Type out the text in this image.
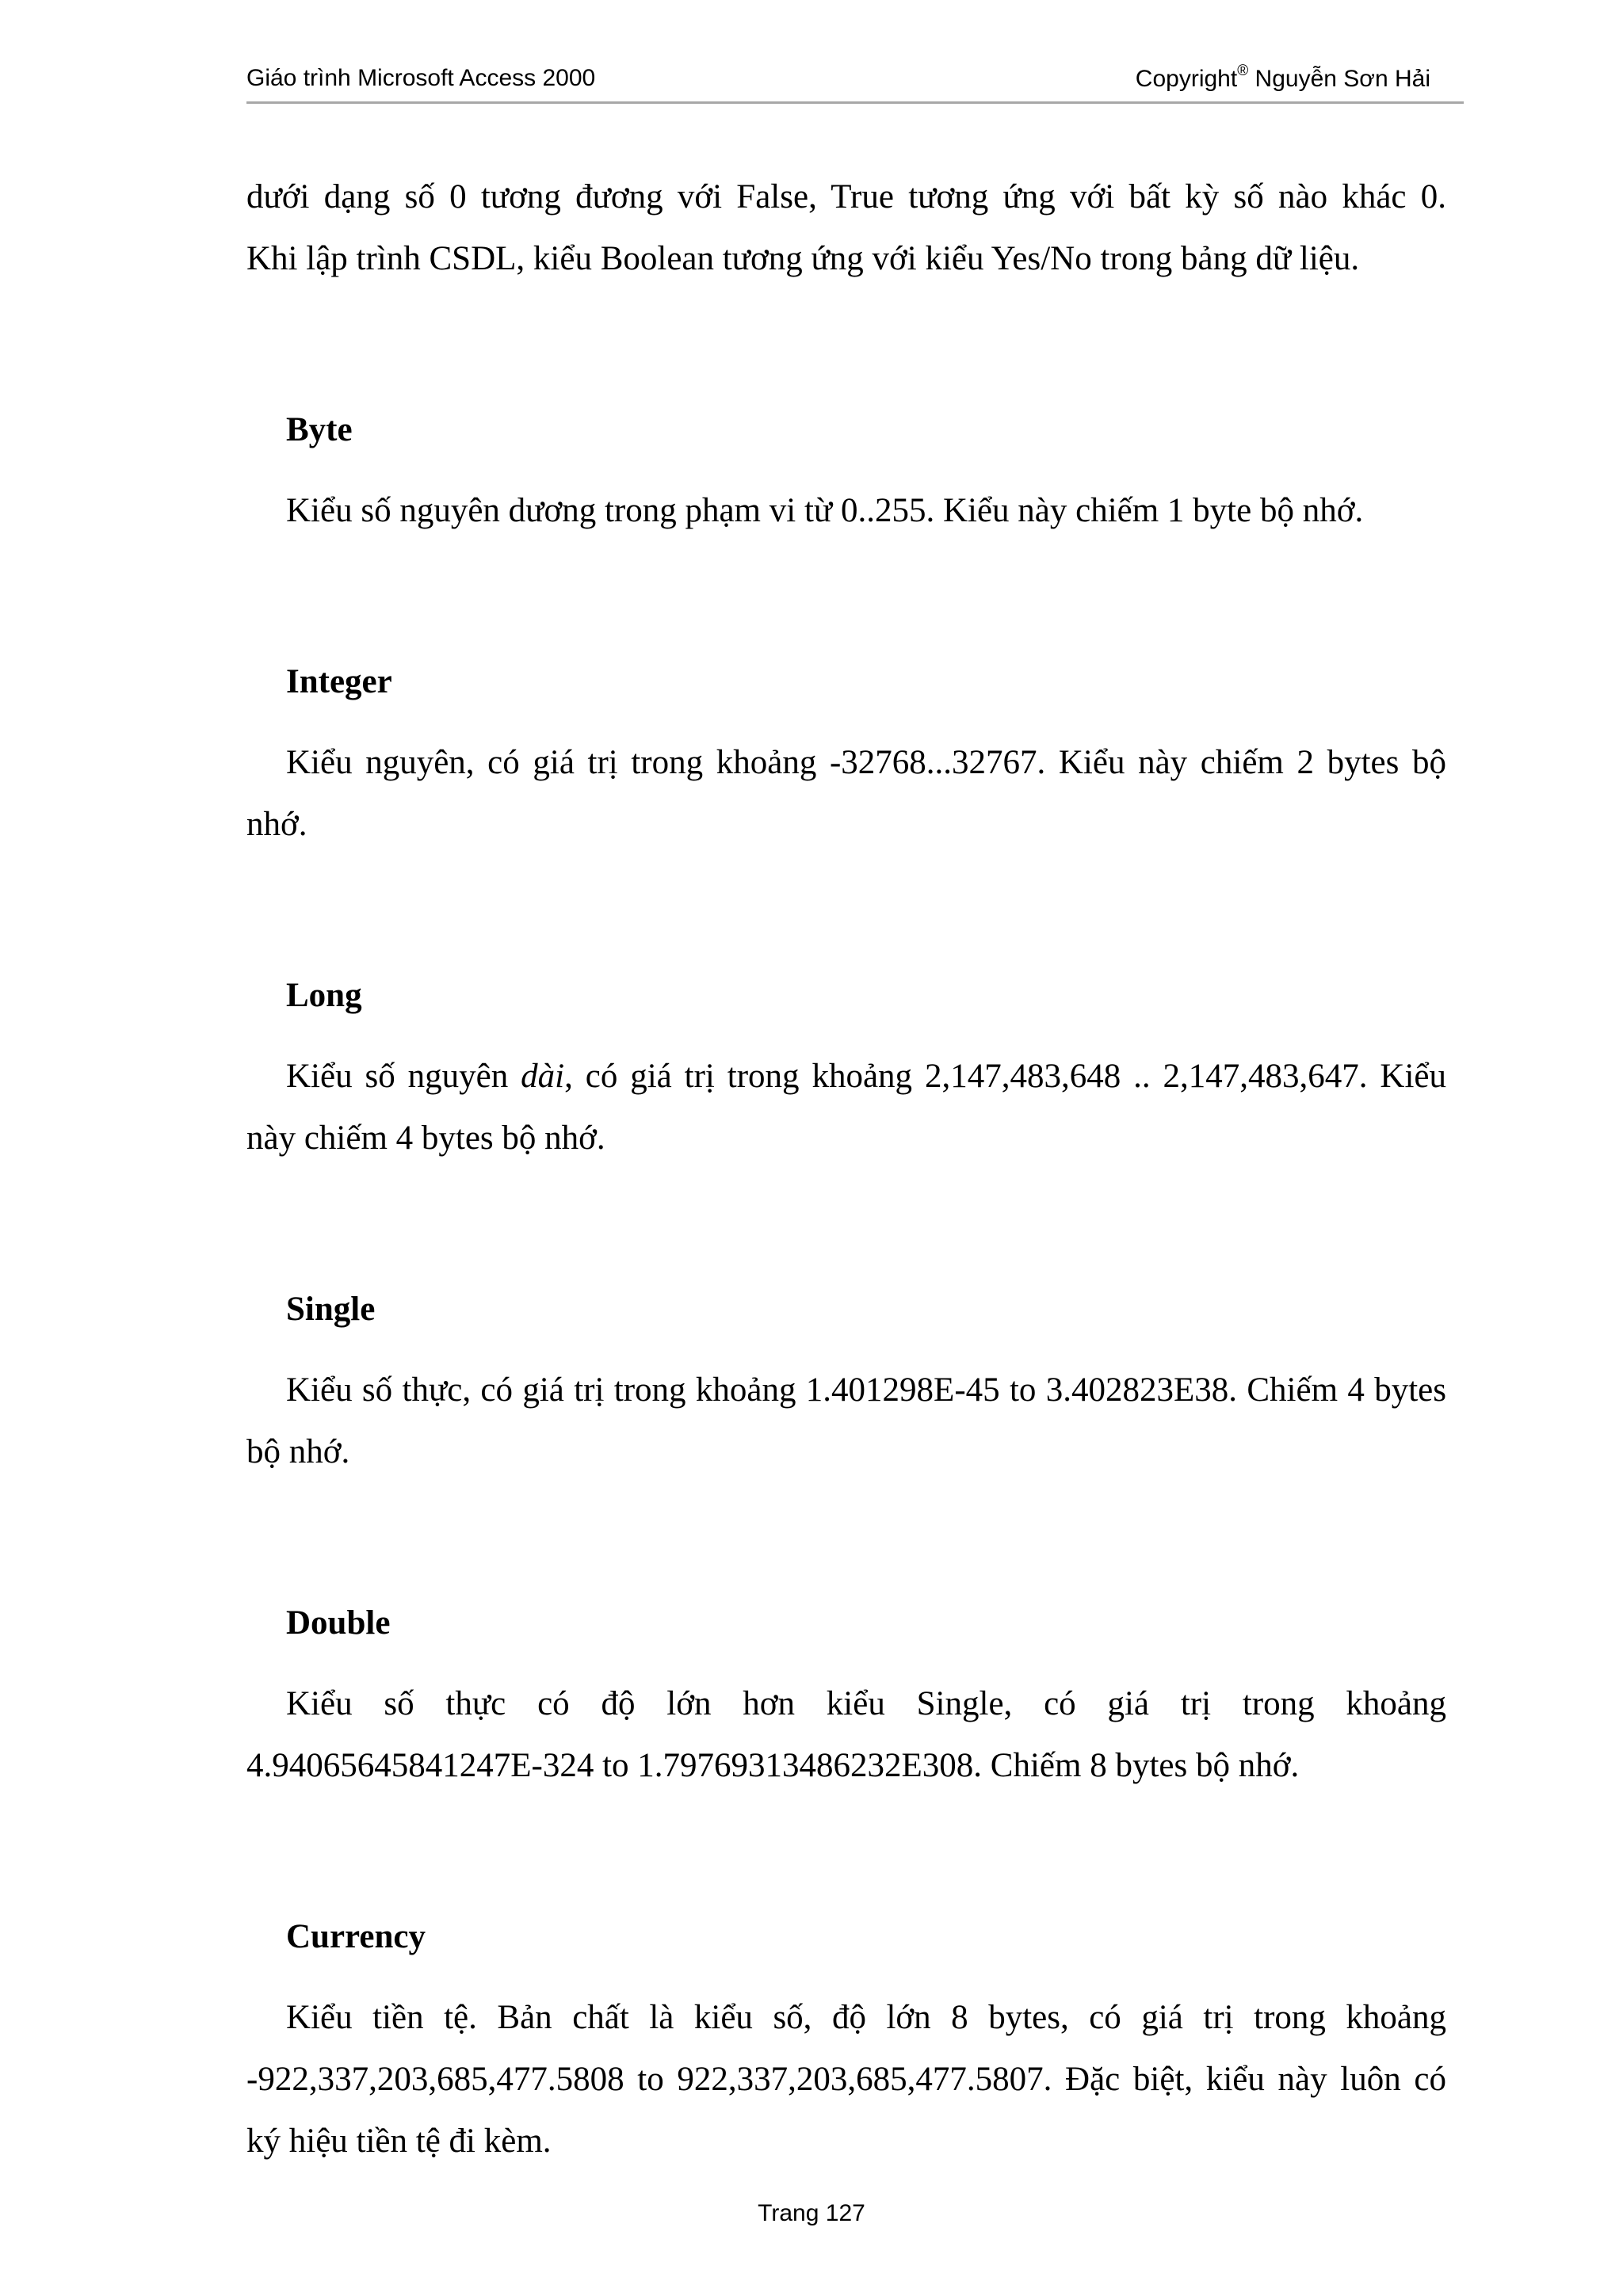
Giáo trình Microsoft Access 2000	Copyright® Nguyễn Sơn Hải

dưới dạng số 0 tương đương với False, True tương ứng với bất kỳ số nào khác 0.

Khi lập trình CSDL, kiểu Boolean tương ứng với kiểu Yes/No trong bảng dữ liệu.

Byte

Kiểu số nguyên dương trong phạm vi từ 0..255. Kiểu này chiếm 1 byte bộ nhớ.

Integer

Kiểu nguyên, có giá trị trong khoảng -32768...32767. Kiểu này chiếm 2 bytes bộ nhớ.

Long

Kiểu số nguyên dài, có giá trị trong khoảng 2,147,483,648 .. 2,147,483,647. Kiểu này chiếm 4 bytes bộ nhớ.

Single

Kiểu số thực, có giá trị trong khoảng 1.401298E-45 to 3.402823E38. Chiếm 4 bytes bộ nhớ.

Double

Kiểu số thực có độ lớn hơn kiểu Single, có giá trị trong khoảng 4.94065645841247E-324 to 1.79769313486232E308. Chiếm 8 bytes bộ nhớ.

Currency

Kiểu tiền tệ. Bản chất là kiểu số, độ lớn 8 bytes, có giá trị trong khoảng -922,337,203,685,477.5808 to 922,337,203,685,477.5807. Đặc biệt, kiểu này luôn có ký hiệu tiền tệ đi kèm.

Trang 127
